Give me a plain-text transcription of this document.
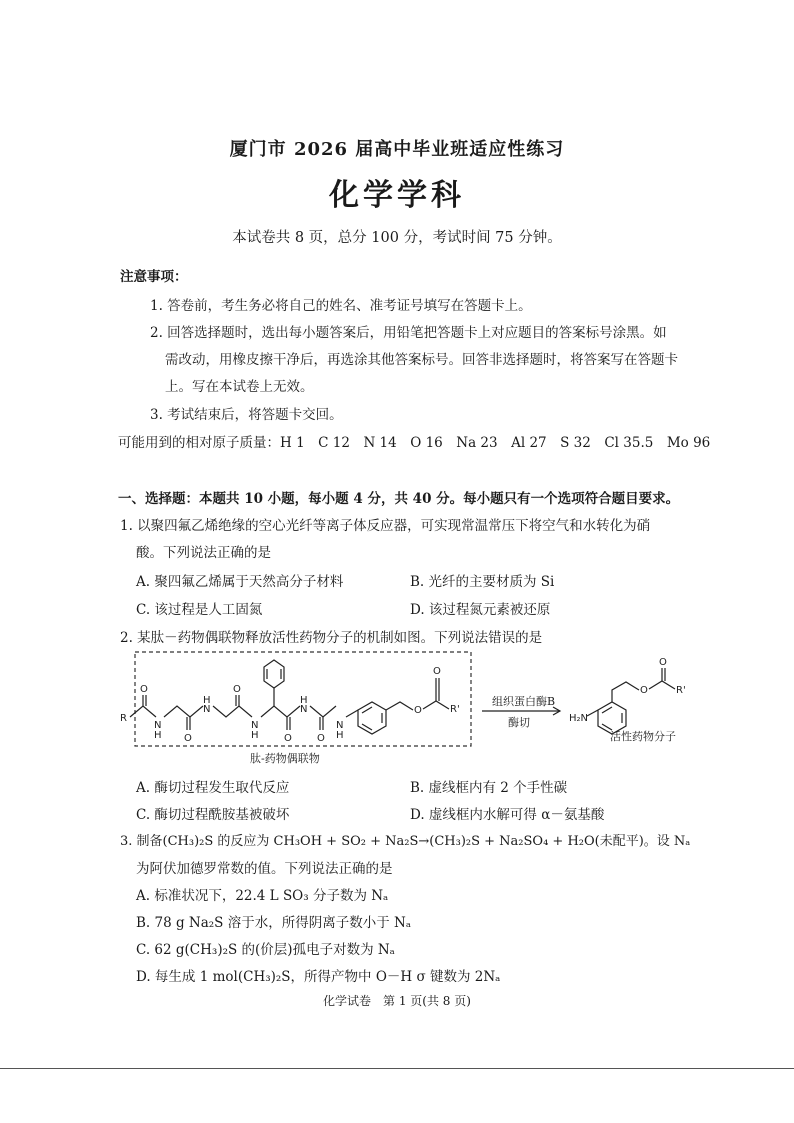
厦门市 2026 届高中毕业班适应性练习
化学学科
本试卷共 8 页，总分 100 分，考试时间 75 分钟。
注意事项：
1. 答卷前，考生务必将自己的姓名、准考证号填写在答题卡上。
2. 回答选择题时，选出每小题答案后，用铅笔把答题卡上对应题目的答案标号涂黑。如
需改动，用橡皮擦干净后，再选涂其他答案标号。回答非选择题时，将答案写在答题卡
上。写在本试卷上无效。
3. 考试结束后，将答题卡交回。
可能用到的相对原子质量：H 1　C 12　N 14　O 16　Na 23　Al 27　S 32　Cl 35.5　Mo 96
一、选择题：本题共 10 小题，每小题 4 分，共 40 分。每小题只有一个选项符合题目要求。
1. 以聚四氟乙烯绝缘的空心光纤等离子体反应器，可实现常温常压下将空气和水转化为硝
酸。下列说法正确的是
A. 聚四氟乙烯属于天然高分子材料	B. 光纤的主要材质为 Si
C. 该过程是人工固氮	D. 该过程氮元素被还原
2. 某肽－药物偶联物释放活性药物分子的机制如图。下列说法错误的是
R
O
N
H O
H
N
O
N
H	O
H
N
O
N
H
O
O
R'
组织蛋白酶B
酶切	H₂N
O
O
R'
活性药物分子
肽-药物偶联物
A. 酶切过程发生取代反应	B. 虚线框内有 2 个手性碳
C. 酶切过程酰胺基被破坏	D. 虚线框内水解可得 α－氨基酸
3. 制备(CH₃)₂S 的反应为 CH₃OH + SO₂ + Na₂S→(CH₃)₂S + Na₂SO₄ + H₂O(未配平)。设 Nₐ
为阿伏加德罗常数的值。下列说法正确的是
A. 标准状况下，22.4 L SO₃ 分子数为 Nₐ
B. 78 g Na₂S 溶于水，所得阴离子数小于 Nₐ
C. 62 g(CH₃)₂S 的(价层)孤电子对数为 Nₐ
D. 每生成 1 mol(CH₃)₂S，所得产物中 O－H σ 键数为 2Nₐ
化学试卷　第 1 页(共 8 页)
